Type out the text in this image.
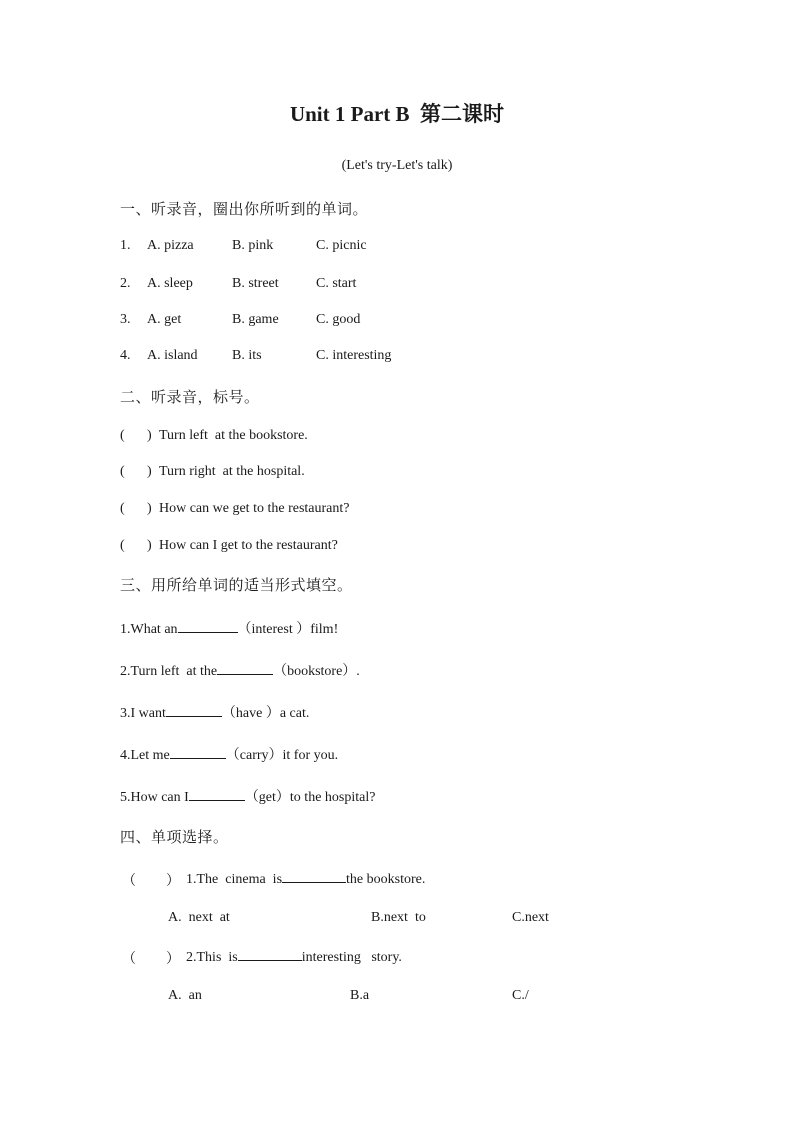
Unit 1 Part B  第二课时
(Let's try-Let's talk)
一、听录音，圈出你所听到的单词。
1. A. pizza	B. pink	C. picnic
2. A. sleep	B. street	C. start
3. A. get	B. game	C. good
4. A. island B. its	C. interesting
二、听录音，标号。
( ) Turn left  at the bookstore.
( ) Turn right  at the hospital.
( ) How can we get to the restaurant?
( ) How can I get to the restaurant?
三、用所给单词的适当形式填空。
1.What an	（interest ）film!
2.Turn left  at the	（bookstore）.
3.I want	（have ）a cat.
4.Let me	（carry）it for you.
5.How can I	（get）to the hospital?
四、单项选择。
（ ） 1.The  cinema  is	the bookstore.
A.  next  at	B.next  to	C.next
（ ） 2.This  is	interesting   story.
A.  an	B.a	C./
